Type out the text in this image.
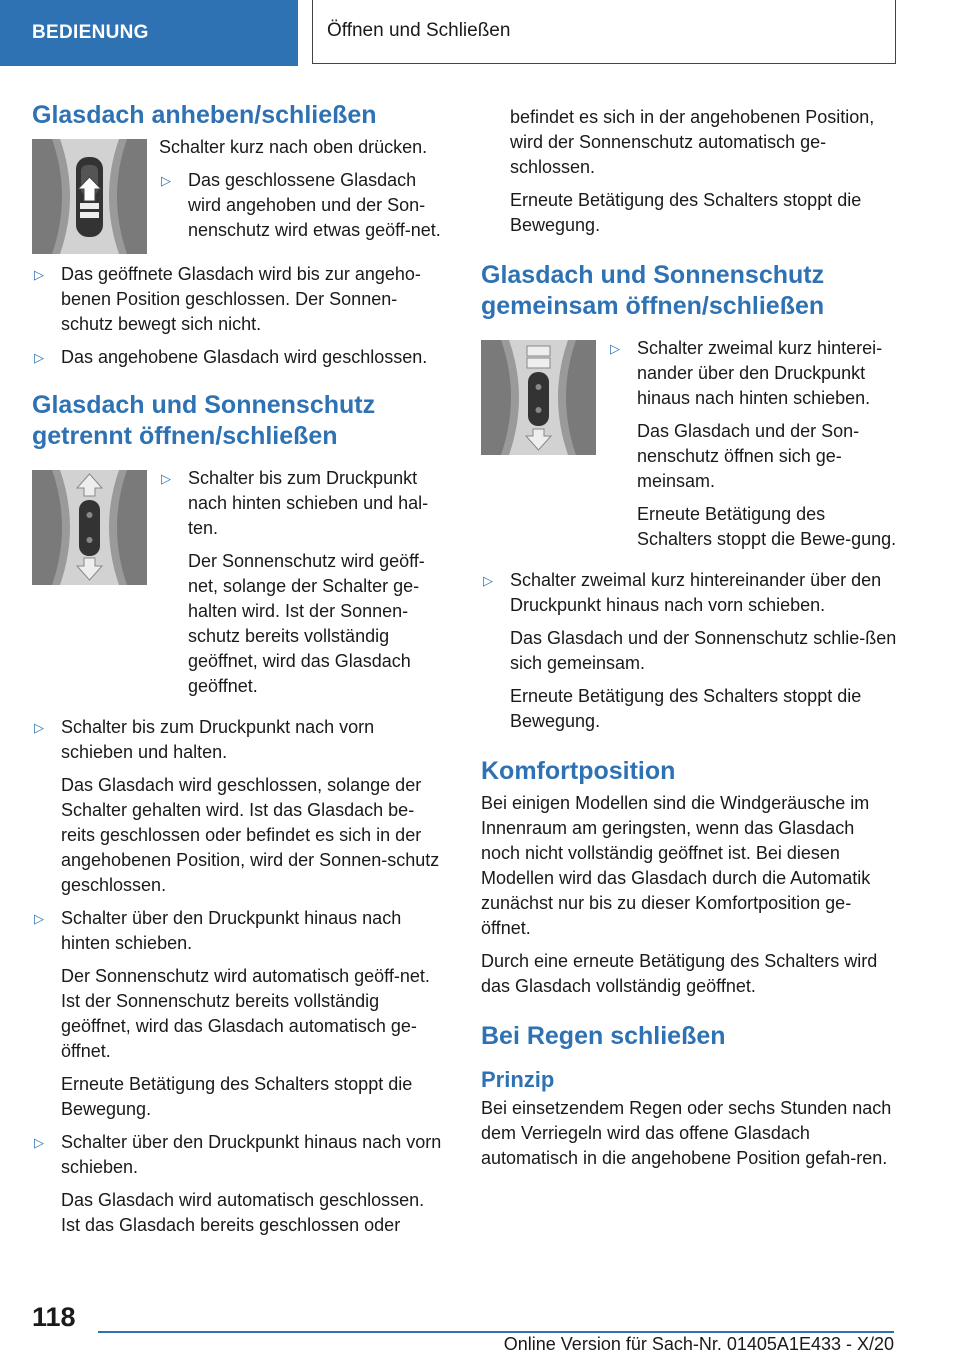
BEDIENUNG	Öffnen und Schließen
Glasdach anheben/schließen

Schalter kurz nach oben drücken.

▷ Das geschlossene Glasdach wird angehoben und der Son-nenschutz wird etwas geöff-net.
▷ Das geöffnete Glasdach wird bis zur angeho-benen Position geschlossen. Der Sonnen-schutz bewegt sich nicht.
▷ Das angehobene Glasdach wird geschlossen.
Glasdach und Sonnenschutz getrennt öffnen/schließen
▷ Schalter bis zum Druckpunkt nach hinten schieben und hal-ten.
Der Sonnenschutz wird geöff-net, solange der Schalter ge-halten wird. Ist der Sonnen-schutz bereits vollständig geöffnet, wird das Glasdach geöffnet.
▷ Schalter bis zum Druckpunkt nach vorn schieben und halten.
Das Glasdach wird geschlossen, solange der Schalter gehalten wird. Ist das Glasdach be-reits geschlossen oder befindet es sich in der angehobenen Position, wird der Sonnen-schutz geschlossen.
▷ Schalter über den Druckpunkt hinaus nach hinten schieben.
Der Sonnenschutz wird automatisch geöff-net. Ist der Sonnenschutz bereits vollständig geöffnet, wird das Glasdach automatisch ge-öffnet.
Erneute Betätigung des Schalters stoppt die Bewegung.
▷ Schalter über den Druckpunkt hinaus nach vorn schieben.
Das Glasdach wird automatisch geschlossen. Ist das Glasdach bereits geschlossen oder
befindet es sich in der angehobenen Position, wird der Sonnenschutz automatisch ge-schlossen.
Erneute Betätigung des Schalters stoppt die Bewegung.
Glasdach und Sonnenschutz gemeinsam öffnen/schließen
▷ Schalter zweimal kurz hinterei-nander über den Druckpunkt hinaus nach hinten schieben.
Das Glasdach und der Son-nenschutz öffnen sich ge-meinsam.
Erneute Betätigung des Schalters stoppt die Bewe-gung.
▷ Schalter zweimal kurz hintereinander über den Druckpunkt hinaus nach vorn schieben.
Das Glasdach und der Sonnenschutz schlie-ßen sich gemeinsam.
Erneute Betätigung des Schalters stoppt die Bewegung.
Komfortposition

Bei einigen Modellen sind die Windgeräusche im Innenraum am geringsten, wenn das Glasdach noch nicht vollständig geöffnet ist. Bei diesen Modellen wird das Glasdach durch die Automatik zunächst nur bis zu dieser Komfortposition ge-öffnet.

Durch eine erneute Betätigung des Schalters wird das Glasdach vollständig geöffnet.

Bei Regen schließen
Prinzip

Bei einsetzendem Regen oder sechs Stunden nach dem Verriegeln wird das offene Glasdach automatisch in die angehobene Position gefah-ren.

118
Online Version für Sach-Nr. 01405A1E433 - X/20
